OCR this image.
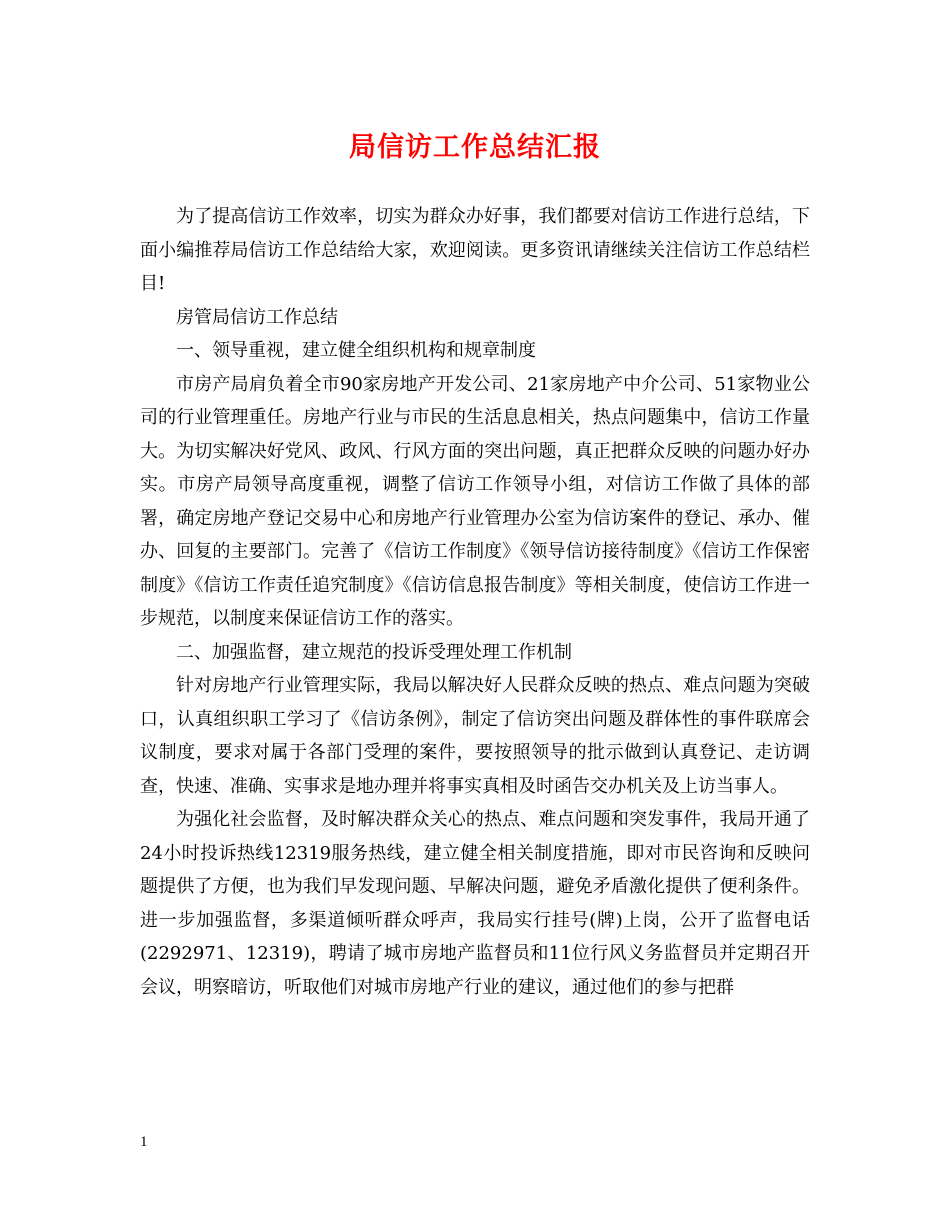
局信访工作总结汇报

为了提高信访工作效率，切实为群众办好事，我们都要对信访工作进行总结，下面小编推荐局信访工作总结给大家，欢迎阅读。更多资讯请继续关注信访工作总结栏目!

房管局信访工作总结

一、领导重视，建立健全组织机构和规章制度

市房产局肩负着全市90家房地产开发公司、21家房地产中介公司、51家物业公司的行业管理重任。房地产行业与市民的生活息息相关，热点问题集中，信访工作量大。为切实解决好党风、政风、行风方面的突出问题，真正把群众反映的问题办好办实。市房产局领导高度重视，调整了信访工作领导小组，对信访工作做了具体的部署，确定房地产登记交易中心和房地产行业管理办公室为信访案件的登记、承办、催办、回复的主要部门。完善了《信访工作制度》《领导信访接待制度》《信访工作保密制度》《信访工作责任追究制度》《信访信息报告制度》等相关制度，使信访工作进一步规范，以制度来保证信访工作的落实。

二、加强监督，建立规范的投诉受理处理工作机制

针对房地产行业管理实际，我局以解决好人民群众反映的热点、难点问题为突破口，认真组织职工学习了《信访条例》，制定了信访突出问题及群体性的事件联席会议制度，要求对属于各部门受理的案件，要按照领导的批示做到认真登记、走访调查，快速、准确、实事求是地办理并将事实真相及时函告交办机关及上访当事人。

为强化社会监督，及时解决群众关心的热点、难点问题和突发事件，我局开通了24小时投诉热线12319服务热线，建立健全相关制度措施，即对市民咨询和反映问题提供了方便，也为我们早发现问题、早解决问题，避免矛盾激化提供了便利条件。进一步加强监督，多渠道倾听群众呼声，我局实行挂号(牌)上岗，公开了监督电话(2292971、12319)，聘请了城市房地产监督员和11位行风义务监督员并定期召开会议，明察暗访，听取他们对城市房地产行业的建议，通过他们的参与把群

1
